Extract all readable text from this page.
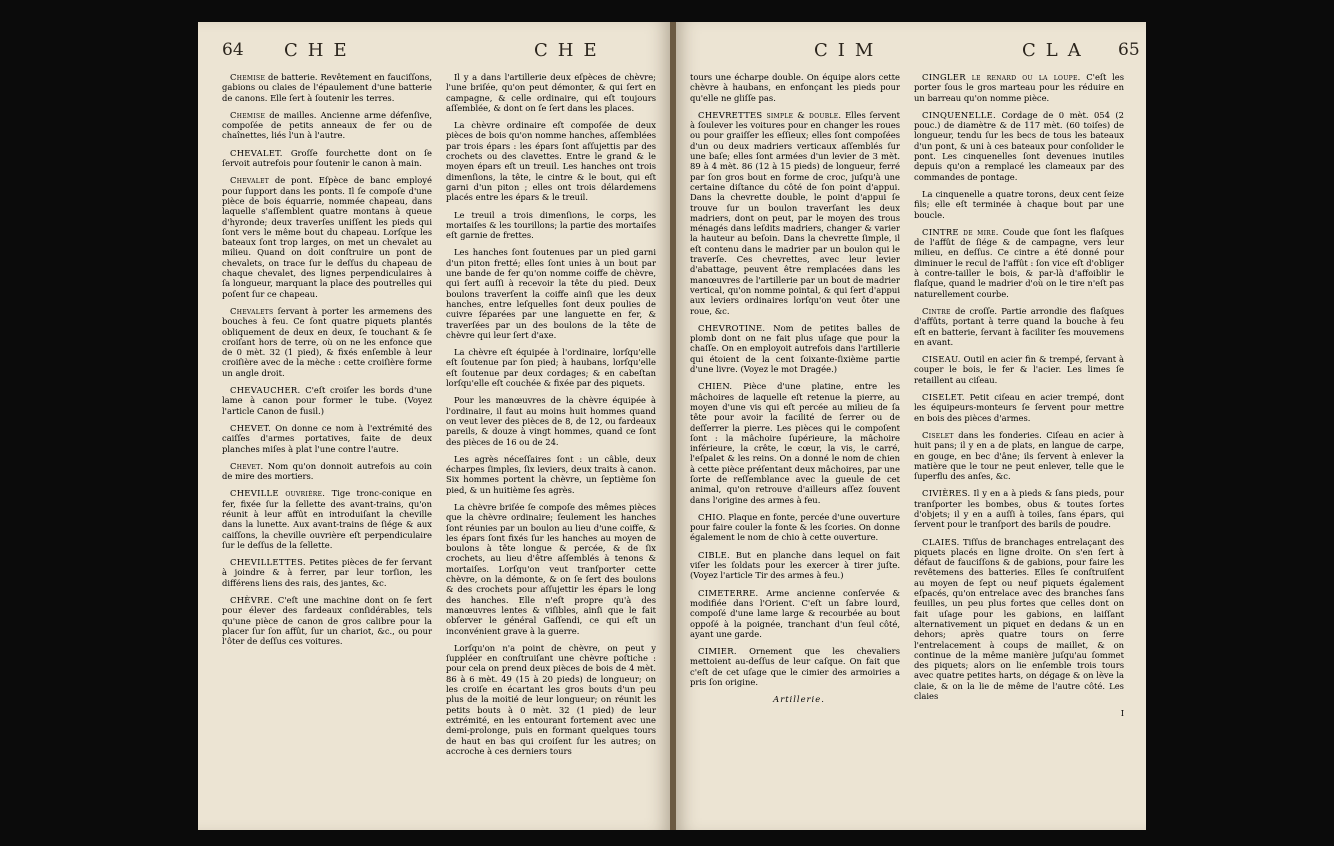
64 CHE	CHE	CIM	CLA 65

Chemise de batterie. Revêtement en fauciſſons, gabions ou claies de l'épaulement d'une batterie de canons. Elle ſert à ſoutenir les terres.

Chemise de mailles. Ancienne arme défenſive, compoſée de petits anneaux de fer ou de chaînettes, liés l'un à l'autre.

CHEVALET. Groſſe fourchette dont on ſe ſervoit autrefois pour ſoutenir le canon à main.

Chevalet de pont. Eſpèce de banc employé pour ſupport dans les ponts. Il ſe compoſe d'une pièce de bois équarrie, nommée chapeau, dans laquelle s'aſſemblent quatre montans à queue d'hyronde; deux traverſes uniſſent les pieds qui ſont vers le même bout du chapeau. Lorſque les bateaux ſont trop larges, on met un chevalet au milieu. Quand on doit conſtruire un pont de chevalets, on trace ſur le deſſus du chapeau de chaque chevalet, des lignes perpendiculaires à ſa longueur, marquant la place des poutrelles qui poſent ſur ce chapeau.

Chevalets ſervant à porter les armemens des bouches à feu. Ce ſont quatre piquets plantés obliquement de deux en deux, ſe touchant & ſe croiſant hors de terre, où on ne les enfonce que de 0 mèt. 32 (1 pied), & fixés enſemble à leur croiſière avec de la mèche : cette croiſière forme un angle droit.

CHEVAUCHER. C'eſt croiſer les bords d'une lame à canon pour former le tube. (Voyez l'article Canon de fusil.)

CHEVET. On donne ce nom à l'extrémité des caiſſes d'armes portatives, faite de deux planches miſes à plat l'une contre l'autre.

Chevet. Nom qu'on donnoit autrefois au coin de mire des mortiers.

CHEVILLE ouvrière. Tige tronc-conique en fer, fixée ſur la ſellette des avant-trains, qu'on réunit à leur affût en introduiſant la cheville dans la lunette. Aux avant-trains de ſiége & aux caiſſons, la cheville ouvrière eſt perpendiculaire ſur le deſſus de la ſellette.

CHEVILLETTES. Petites pièces de fer ſervant à joindre & à ferrer, par leur torſion, les différens liens des rais, des jantes, &c.

CHÈVRE. C'eſt une machine dont on ſe ſert pour élever des fardeaux conſidérables, tels qu'une pièce de canon de gros calibre pour la placer ſur ſon affût, ſur un chariot, &c., ou pour l'ôter de deſſus ces voitures.

Il y a dans l'artillerie deux eſpèces de chèvre; l'une briſée, qu'on peut démonter, & qui ſert en campagne, & celle ordinaire, qui eſt toujours aſſemblée, & dont on ſe ſert dans les places.

La chèvre ordinaire eſt compoſée de deux pièces de bois qu'on nomme hanches, aſſemblées par trois épars : les épars ſont aſſujettis par des crochets ou des clavettes. Entre le grand & le moyen épars eſt un treuil. Les hanches ont trois dimenſions, la tête, le cintre & le bout, qui eſt garni d'un piton ; elles ont trois délardemens placés entre les épars & le treuil.

Le treuil a trois dimenſions, le corps, les mortaiſes & les tourillons; la partie des mortaiſes eſt garnie de frettes.

Les hanches ſont ſoutenues par un pied garni d'un piton fretté; elles ſont unies à un bout par une bande de fer qu'on nomme coiffe de chèvre, qui ſert auſſi à recevoir la tête du pied. Deux boulons traverſent la coiffe ainſi que les deux hanches, entre leſquelles ſont deux poulies de cuivre ſéparées par une languette en fer, & traverſées par un des boulons de la tête de chèvre qui leur ſert d'axe.

La chèvre eſt équipée à l'ordinaire, lorſqu'elle eſt ſoutenue par ſon pied; à haubans, lorſqu'elle eſt ſoutenue par deux cordages; & en cabeſtan lorſqu'elle eſt couchée & fixée par des piquets.

Pour les manœuvres de la chèvre équipée à l'ordinaire, il faut au moins huit hommes quand on veut lever des pièces de 8, de 12, ou fardeaux pareils, & douze à vingt hommes, quand ce ſont des pièces de 16 ou de 24.

Les agrès néceſſaires ſont : un câble, deux écharpes ſimples, ſix leviers, deux traits à canon. Six hommes portent la chèvre, un ſeptième ſon pied, & un huitième ſes agrès.

La chèvre briſée ſe compoſe des mêmes pièces que la chèvre ordinaire; ſeulement les hanches ſont réunies par un boulon au lieu d'une coiffe, & les épars ſont fixés ſur les hanches au moyen de boulons à tête longue & percée, & de ſix crochets, au lieu d'être aſſemblés à tenons & mortaiſes. Lorſqu'on veut tranſporter cette chèvre, on la démonte, & on ſe ſert des boulons & des crochets pour aſſujettir les épars le long des hanches. Elle n'eſt propre qu'à des manœuvres lentes & viſibles, ainſi que le fait obſerver le général Gaſſendi, ce qui eſt un inconvénient grave à la guerre.

Lorſqu'on n'a point de chèvre, on peut y ſuppléer en conſtruiſant une chèvre poſtiche : pour cela on prend deux pièces de bois de 4 mèt. 86 à 6 mèt. 49 (15 à 20 pieds) de longueur; on les croiſe en écartant les gros bouts d'un peu plus de la moitié de leur longueur; on réunit les petits bouts à 0 mèt. 32 (1 pied) de leur extrémité, en les entourant fortement avec une demi-prolonge, puis en formant quelques tours de haut en bas qui croiſent ſur les autres; on accroche à ces derniers tours

tours une écharpe double. On équipe alors cette chèvre à haubans, en enfonçant les pieds pour qu'elle ne gliſſe pas.

CHEVRETTES simple & double. Elles ſervent à ſoulever les voitures pour en changer les roues ou pour graiſſer les eſſieux; elles ſont compoſées d'un ou deux madriers verticaux aſſemblés ſur une baſe; elles ſont armées d'un levier de 3 mèt. 89 à 4 mèt. 86 (12 à 15 pieds) de longueur, ferré par ſon gros bout en forme de croc, juſqu'à une certaine diſtance du côté de ſon point d'appui. Dans la chevrette double, le point d'appui ſe trouve ſur un boulon traverſant les deux madriers, dont on peut, par le moyen des trous ménagés dans leſdits madriers, changer & varier la hauteur au beſoin. Dans la chevrette ſimple, il eſt contenu dans le madrier par un boulon qui le traverſe. Ces chevrettes, avec leur levier d'abattage, peuvent être remplacées dans les manœuvres de l'artillerie par un bout de madrier vertical, qu'on nomme pointal, & qui ſert d'appui aux leviers ordinaires lorſqu'on veut ôter une roue, &c.

CHEVROTINE. Nom de petites balles de plomb dont on ne fait plus uſage que pour la chaſſe. On en employoit autrefois dans l'artillerie qui étoient de la cent ſoixante-ſixième partie d'une livre. (Voyez le mot Dragée.)

CHIEN. Pièce d'une platine, entre les mâchoires de laquelle eſt retenue la pierre, au moyen d'une vis qui eſt percée au milieu de ſa tête pour avoir la facilité de ſerrer ou de deſſerrer la pierre. Les pièces qui le compoſent ſont : la mâchoire ſupérieure, la mâchoire inférieure, la crête, le cœur, la vis, le carré, l'eſpalet & les reins. On a donné le nom de chien à cette pièce préſentant deux mâchoires, par une ſorte de reſſemblance avec la gueule de cet animal, qu'on retrouve d'ailleurs aſſez ſouvent dans l'origine des armes à feu.

CHIO. Plaque en fonte, percée d'une ouverture pour faire couler la fonte & les ſcories. On donne également le nom de chio à cette ouverture.

CIBLE. But en planche dans lequel on fait viſer les ſoldats pour les exercer à tirer juſte. (Voyez l'article Tir des armes à feu.)

CIMETERRE. Arme ancienne conſervée & modifiée dans l'Orient. C'eſt un ſabre lourd, compoſé d'une lame large & recourbée au bout oppoſé à la poignée, tranchant d'un ſeul côté, ayant une garde.

CIMIER. Ornement que les chevaliers mettoient au-deſſus de leur caſque. On fait que c'eſt de cet uſage que le cimier des armoiries a pris ſon origine.

Artillerie.

CINGLER le renard ou la loupe. C'eſt les porter ſous le gros marteau pour les réduire en un barreau qu'on nomme pièce.

CINQUENELLE. Cordage de 0 mèt. 054 (2 pouc.) de diamètre & de 117 mèt. (60 toiſes) de longueur, tendu ſur les becs de tous les bateaux d'un pont, & uni à ces bateaux pour conſolider le pont. Les cinquenelles ſont devenues inutiles depuis qu'on a remplacé les clameaux par des commandes de pontage.

La cinquenelle a quatre torons, deux cent ſeize fils; elle eſt terminée à chaque bout par une boucle.

CINTRE de mire. Coude que ſont les flaſques de l'affût de ſiége & de campagne, vers leur milieu, en deſſus. Ce cintre a été donné pour diminuer le recul de l'affût : ſon vice eſt d'obliger à contre-tailler le bois, & par-là d'affoiblir le flaſque, quand le madrier d'où on le tire n'eſt pas naturellement courbe.

Cintre de croſſe. Partie arrondie des flaſques d'affûts, portant à terre quand la bouche à feu eſt en batterie, ſervant à faciliter ſes mouvemens en avant.

CISEAU. Outil en acier fin & trempé, ſervant à couper le bois, le fer & l'acier. Les limes ſe retaillent au ciſeau.

CISELET. Petit ciſeau en acier trempé, dont les équipeurs-monteurs ſe ſervent pour mettre en bois des pièces d'armes.

Ciselet dans les fonderies. Ciſeau en acier à huit pans; il y en a de plats, en langue de carpe, en gouge, en bec d'âne; ils ſervent à enlever la matière que le tour ne peut enlever, telle que le ſuperflu des anſes, &c.

CIVIÈRES. Il y en a à pieds & ſans pieds, pour tranſporter les bombes, obus & toutes ſortes d'objets; il y en a auſſi à toiles, ſans épars, qui ſervent pour le tranſport des barils de poudre.

CLAIES. Tiſſus de branchages entrelaçant des piquets placés en ligne droite. On s'en ſert à défaut de fauciſſons & de gabions, pour faire les revêtemens des batteries. Elles ſe conſtruiſent au moyen de ſept ou neuf piquets également eſpacés, qu'on entrelace avec des branches ſans feuilles, un peu plus fortes que celles dont on fait uſage pour les gabions, en laiſſant alternativement un piquet en dedans & un en dehors; après quatre tours on ſerre l'entrelacement à coups de maillet, & on continue de la même manière juſqu'au ſommet des piquets; alors on lie enſemble trois tours avec quatre petites harts, on dégage & on lève la claie, & on la lie de même de l'autre côté. Les claies

I
